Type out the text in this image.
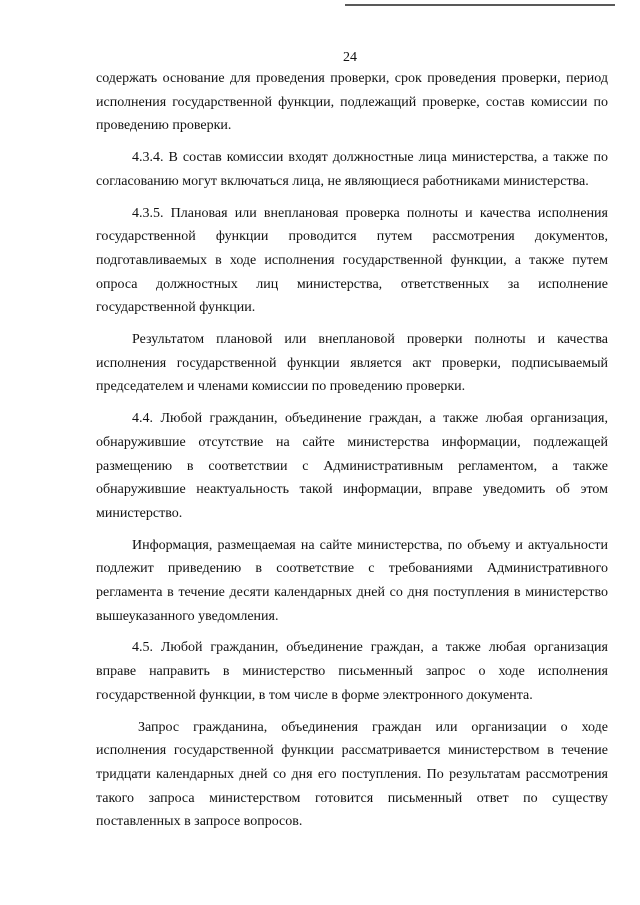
24

содержать основание для проведения проверки, срок проведения проверки, период исполнения государственной функции, подлежащий проверке, состав комиссии по проведению проверки.

4.3.4. В состав комиссии входят должностные лица министерства, а также по согласованию могут включаться лица, не являющиеся работниками министерства.

4.3.5. Плановая или внеплановая проверка полноты и качества исполнения государственной функции проводится путем рассмотрения документов, подготавливаемых в ходе исполнения государственной функции, а также путем опроса должностных лиц министерства, ответственных за исполнение государственной функции.

Результатом плановой или внеплановой проверки полноты и качества исполнения государственной функции является акт проверки, подписываемый председателем и членами комиссии по проведению проверки.

4.4. Любой гражданин, объединение граждан, а также любая организация, обнаружившие отсутствие на сайте министерства информации, подлежащей размещению в соответствии с Административным регламентом, а также обнаружившие неактуальность такой информации, вправе уведомить об этом министерство.

Информация, размещаемая на сайте министерства, по объему и актуальности подлежит приведению в соответствие с требованиями Административного регламента в течение десяти календарных дней со дня поступления в министерство вышеуказанного уведомления.

4.5. Любой гражданин, объединение граждан, а также любая организация вправе направить в министерство письменный запрос о ходе исполнения государственной функции, в том числе в форме электронного документа.

Запрос гражданина, объединения граждан или организации о ходе исполнения государственной функции рассматривается министерством в течение тридцати календарных дней со дня его поступления. По результатам рассмотрения такого запроса министерством готовится письменный ответ по существу поставленных в запросе вопросов.
